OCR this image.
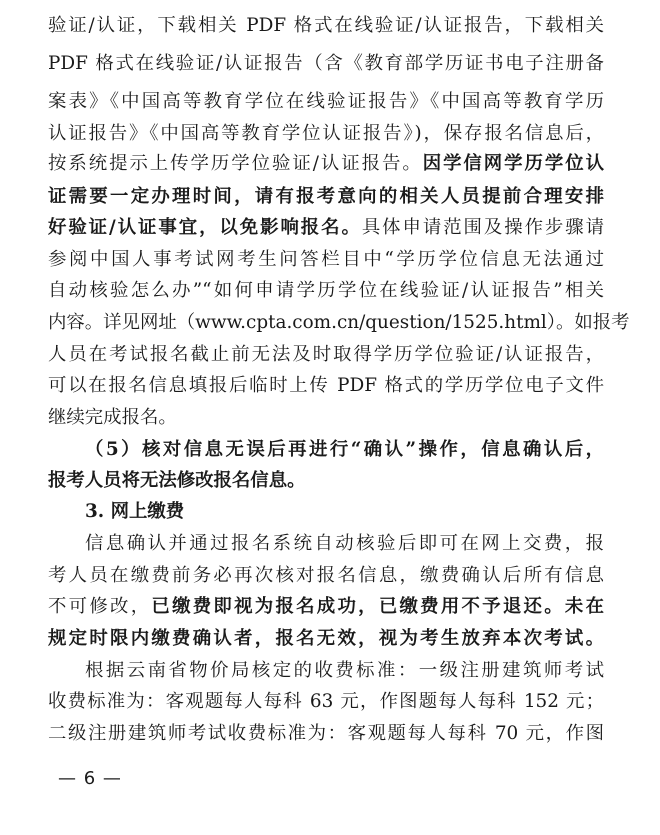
验证/认证，下载相关 PDF 格式在线验证/认证报告，下载相关
PDF 格式在线验证/认证报告（含《教育部学历证书电子注册备
案表》《中国高等教育学位在线验证报告》《中国高等教育学历
认证报告》《中国高等教育学位认证报告》)，保存报名信息后，
按系统提示上传学历学位验证/认证报告。因学信网学历学位认
证需要一定办理时间，请有报考意向的相关人员提前合理安排
好验证/认证事宜，以免影响报名。具体申请范围及操作步骤请
参阅中国人事考试网考生问答栏目中“学历学位信息无法通过
自动核验怎么办”“如何申请学历学位在线验证/认证报告”相关
内容。详见网址（www.cpta.com.cn/question/1525.html）。如报考
人员在考试报名截止前无法及时取得学历学位验证/认证报告，
可以在报名信息填报后临时上传 PDF 格式的学历学位电子文件
继续完成报名。
（5）核对信息无误后再进行“确认”操作，信息确认后，
报考人员将无法修改报名信息。
3. 网上缴费
信息确认并通过报名系统自动核验后即可在网上交费，报
考人员在缴费前务必再次核对报名信息，缴费确认后所有信息
不可修改，已缴费即视为报名成功，已缴费用不予退还。未在
规定时限内缴费确认者，报名无效，视为考生放弃本次考试。
根据云南省物价局核定的收费标准：一级注册建筑师考试
收费标准为：客观题每人每科 63 元，作图题每人每科 152 元；
二级注册建筑师考试收费标准为：客观题每人每科 70 元，作图
— 6 —
